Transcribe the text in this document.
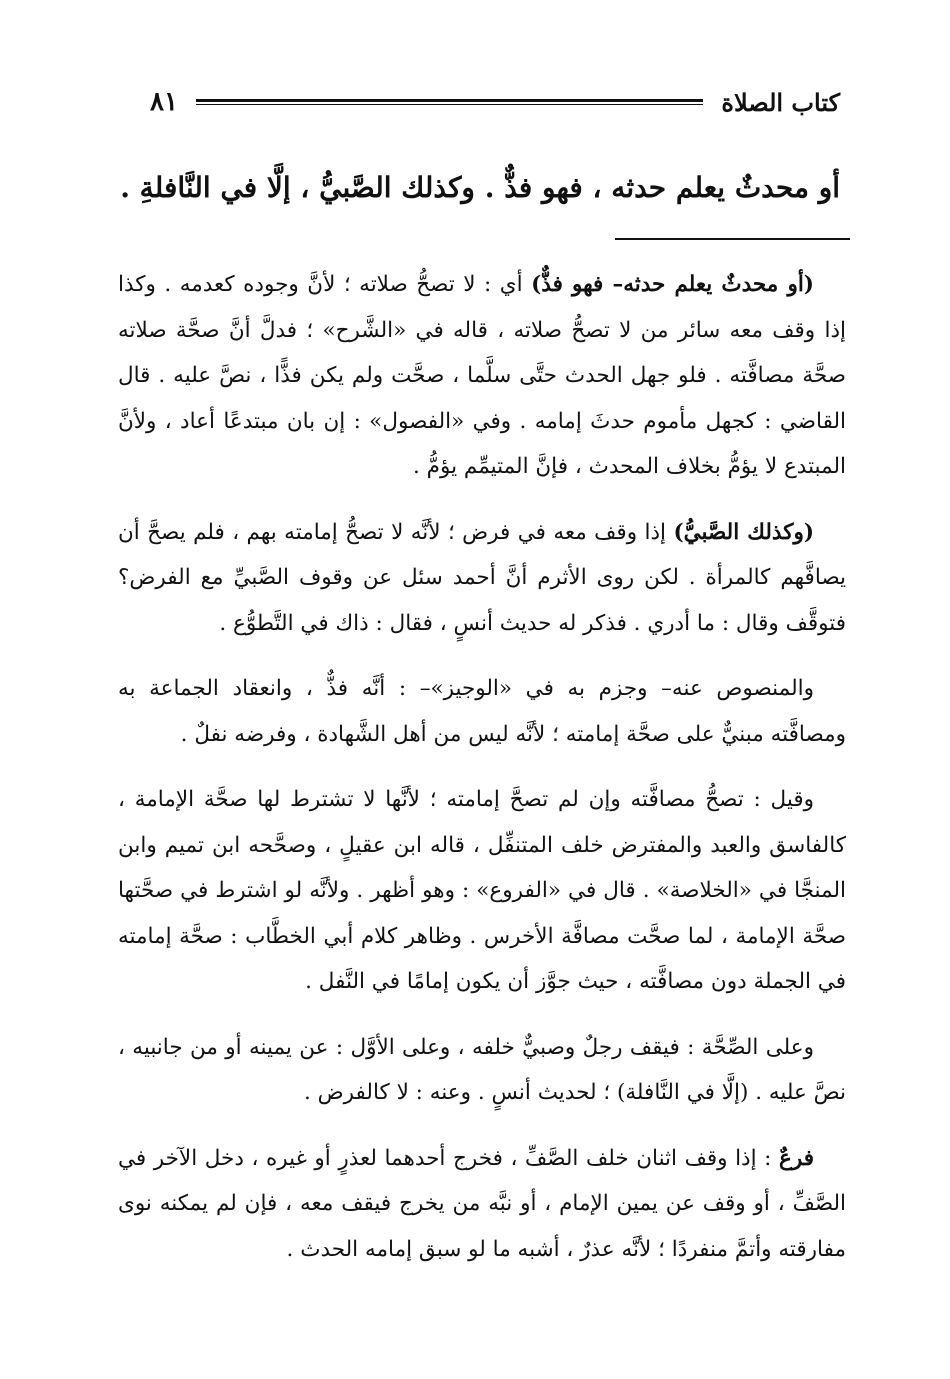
كتاب الصلاة
٨١
أو محدثٌ يعلم حدثه ، فهو فذٌّ . وكذلك الصَّبيُّ ، إلَّا في النَّافلةِ .

(أو محدثٌ يعلم حدثه– فهو فذٌّ) أي : لا تصحُّ صلاته ؛ لأنَّ وجوده كعدمه . وكذا إذا وقف معه سائر من لا تصحُّ صلاته ، قاله في «الشَّرح» ؛ فدلَّ أنَّ صحَّة صلاته صحَّة مصافَّته . فلو جهل الحدث حتَّى سلَّما ، صحَّت ولم يكن فذًّا ، نصَّ عليه . قال القاضي : كجهل مأموم حدثَ إمامه . وفي «الفصول» : إن بان مبتدعًا أعاد ، ولأنَّ المبتدع لا يؤمُّ بخلاف المحدث ، فإنَّ المتيمِّم يؤمُّ .

(وكذلك الصَّبيُّ) إذا وقف معه في فرض ؛ لأنَّه لا تصحُّ إمامته بهم ، فلم يصحَّ أن يصافَّهم كالمرأة . لكن روى الأثرم أنَّ أحمد سئل عن وقوف الصَّبيِّ مع الفرض؟ فتوقَّف وقال : ما أدري . فذكر له حديث أنسٍ ، فقال : ذاك في التَّطوُّع .

والمنصوص عنه– وجزم به في «الوجيز»– : أنَّه فذٌّ ، وانعقاد الجماعة به ومصافَّته مبنيٌّ على صحَّة إمامته ؛ لأنَّه ليس من أهل الشَّهادة ، وفرضه نفلٌ .

وقيل : تصحُّ مصافَّته وإن لم تصحَّ إمامته ؛ لأنَّها لا تشترط لها صحَّة الإمامة ، كالفاسق والعبد والمفترض خلف المتنفِّل ، قاله ابن عقيلٍ ، وصحَّحه ابن تميم وابن المنجَّا في «الخلاصة» . قال في «الفروع» : وهو أظهر . ولأنَّه لو اشترط في صحَّتها صحَّة الإمامة ، لما صحَّت مصافَّة الأخرس . وظاهر كلام أبي الخطَّاب : صحَّة إمامته في الجملة دون مصافَّته ، حيث جوَّز أن يكون إمامًا في النَّفل .

وعلى الصِّحَّة : فيقف رجلٌ وصبيٌّ خلفه ، وعلى الأوَّل : عن يمينه أو من جانبيه ، نصَّ عليه . (إلَّا في النَّافلة) ؛ لحديث أنسٍ . وعنه : لا كالفرض .

فرعٌ : إذا وقف اثنان خلف الصَّفِّ ، فخرج أحدهما لعذرٍ أو غيره ، دخل الآخر في الصَّفِّ ، أو وقف عن يمين الإمام ، أو نبَّه من يخرج فيقف معه ، فإن لم يمكنه نوى مفارقته وأتمَّ منفردًا ؛ لأنَّه عذرٌ ، أشبه ما لو سبق إمامه الحدث .
